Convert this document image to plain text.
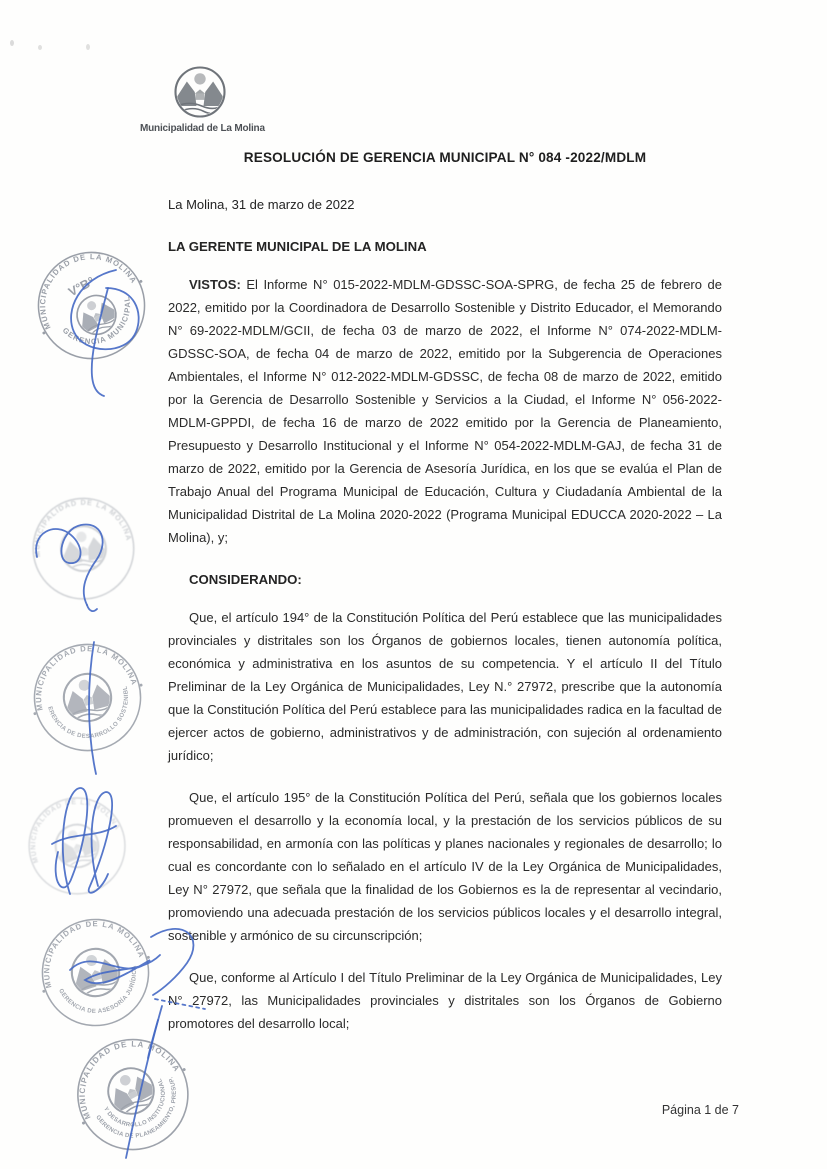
Municipalidad de La Molina
RESOLUCIÓN DE GERENCIA MUNICIPAL N° 084 -2022/MDLM

La Molina, 31 de marzo de 2022

LA GERENTE MUNICIPAL DE LA MOLINA

VISTOS: El Informe N° 015-2022-MDLM-GDSSC-SOA-SPRG, de fecha 25 de febrero de 2022, emitido por la Coordinadora de Desarrollo Sostenible y Distrito Educador, el Memorando N° 69-2022-MDLM/GCII, de fecha 03 de marzo de 2022, el Informe N° 074-2022-MDLM-GDSSC-SOA, de fecha 04 de marzo de 2022, emitido por la Subgerencia de Operaciones Ambientales, el Informe N° 012-2022-MDLM-GDSSC, de fecha 08 de marzo de 2022, emitido por la Gerencia de Desarrollo Sostenible y Servicios a la Ciudad, el Informe N° 056-2022-MDLM-GPPDI, de fecha 16 de marzo de 2022 emitido por la Gerencia de Planeamiento, Presupuesto y Desarrollo Institucional y el Informe N° 054-2022-MDLM-GAJ, de fecha 31 de marzo de 2022, emitido por la Gerencia de Asesoría Jurídica, en los que se evalúa el Plan de Trabajo Anual del Programa Municipal de Educación, Cultura y Ciudadanía Ambiental de la Municipalidad Distrital de La Molina 2020-2022 (Programa Municipal EDUCCA 2020-2022 – La Molina), y;

CONSIDERANDO:

Que, el artículo 194° de la Constitución Política del Perú establece que las municipalidades provinciales y distritales son los Órganos de gobiernos locales, tienen autonomía política, económica y administrativa en los asuntos de su competencia. Y el artículo II del Título Preliminar de la Ley Orgánica de Municipalidades, Ley N.° 27972, prescribe que la autonomía que la Constitución Política del Perú establece para las municipalidades radica en la facultad de ejercer actos de gobierno, administrativos y de administración, con sujeción al ordenamiento jurídico;

Que, el artículo 195° de la Constitución Política del Perú, señala que los gobiernos locales promueven el desarrollo y la economía local, y la prestación de los servicios públicos de su responsabilidad, en armonía con las políticas y planes nacionales y regionales de desarrollo; lo cual es concordante con lo señalado en el artículo IV de la Ley Orgánica de Municipalidades, Ley N° 27972, que señala que la finalidad de los Gobiernos es la de representar al vecindario, promoviendo una adecuada prestación de los servicios públicos locales y el desarrollo integral, sostenible y armónico de su circunscripción;

Que, conforme al Artículo I del Título Preliminar de la Ley Orgánica de Municipalidades, Ley N° 27972, las Municipalidades provinciales y distritales son los Órganos de Gobierno promotores del desarrollo local;

Página 1 de 7
MUNICIPALIDAD DE LA MOLINA
GERENCIA MUNICIPAL
V°B°
MUNICIPALIDAD DE LA MOLINA
MUNICIPALIDAD DE LA MOLINA
GERENCIA DE DESARROLLO SOSTENIBLE
MUNICIPALIDAD DE LA MOLINA
MUNICIPALIDAD DE LA MOLINA
GERENCIA DE ASESORÍA JURÍDICA
MUNICIPALIDAD DE LA MOLINA
GERENCIA DE PLANEAMIENTO, PRESUP.
Y DESARROLLO INSTITUCIONAL
